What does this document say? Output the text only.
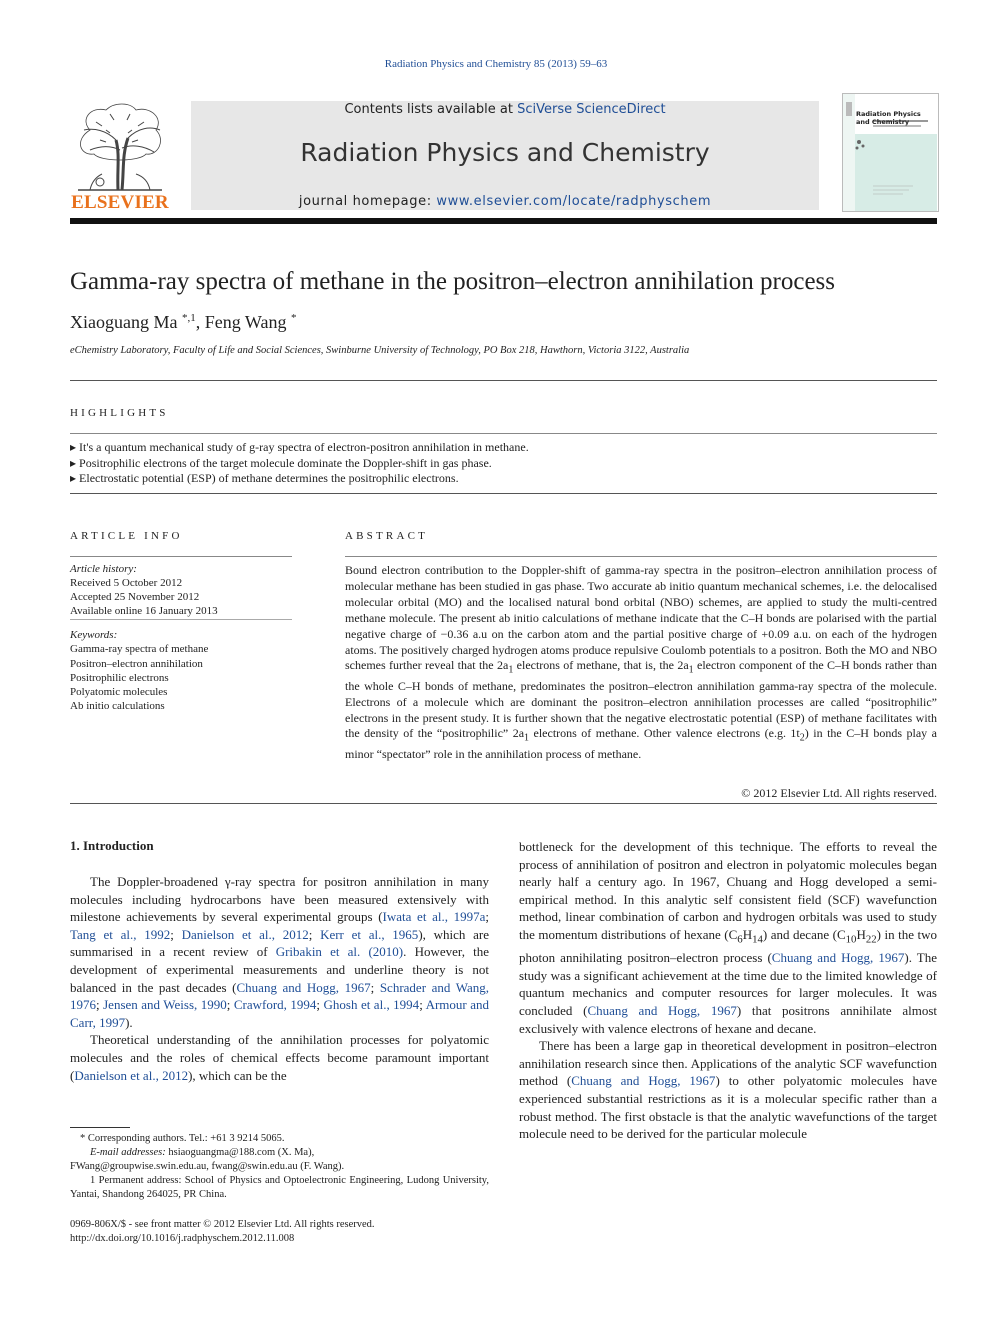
Radiation Physics and Chemistry 85 (2013) 59–63
ELSEVIER
Contents lists available at SciVerse ScienceDirect
Radiation Physics and Chemistry
journal homepage: www.elsevier.com/locate/radphyschem
Radiation Physics and Chemistry
Gamma-ray spectra of methane in the positron–electron annihilation process
Xiaoguang Ma $^{*,1}$, Feng Wang *
eChemistry Laboratory, Faculty of Life and Social Sciences, Swinburne University of Technology, PO Box 218, Hawthorn, Victoria 3122, Australia
HIGHLIGHTS
▸ It's a quantum mechanical study of g-ray spectra of electron-positron annihilation in methane.
▸ Positrophilic electrons of the target molecule dominate the Doppler-shift in gas phase.
▸ Electrostatic potential (ESP) of methane determines the positrophilic electrons.
ARTICLE INFO	ABSTRACT
Article history:
Received 5 October 2012
Accepted 25 November 2012
Available online 16 January 2013
Keywords:
Gamma-ray spectra of methane
Positron–electron annihilation
Positrophilic electrons
Polyatomic molecules
Ab initio calculations
Bound electron contribution to the Doppler-shift of gamma-ray spectra in the positron–electron annihilation process of molecular methane has been studied in gas phase. Two accurate ab initio quantum mechanical schemes, i.e. the delocalised molecular orbital (MO) and the localised natural bond orbital (NBO) schemes, are applied to study the multi-centred methane molecule. The present ab initio calculations of methane indicate that the C–H bonds are polarised with the partial negative charge of −0.36 a.u on the carbon atom and the partial positive charge of +0.09 a.u. on each of the hydrogen atoms. The positively charged hydrogen atoms produce repulsive Coulomb potentials to a positron. Both the MO and NBO schemes further reveal that the $2a_1$ electrons of methane, that is, the $2a_1$ electron component of the C–H bonds rather than the whole C–H bonds of methane, predominates the positron–electron annihilation gamma-ray spectra of the molecule. Electrons of a molecule which are dominant the positron–electron annihilation processes are called “positrophilic” electrons in the present study. It is further shown that the negative electrostatic potential (ESP) of methane facilitates with the density of the “positrophilic” $2a_1$ electrons of methane. Other valence electrons (e.g. $1t_2$) in the C–H bonds play a minor “spectator” role in the annihilation process of methane.
© 2012 Elsevier Ltd. All rights reserved.
1. Introduction

The Doppler-broadened γ-ray spectra for positron annihilation in many molecules including hydrocarbons have been measured extensively with milestone achievements by several experimental groups (Iwata et al., 1997a; Tang et al., 1992; Danielson et al., 2012; Kerr et al., 1965), which are summarised in a recent review of Gribakin et al. (2010). However, the development of experimental measurements and underline theory is not balanced in the past decades (Chuang and Hogg, 1967; Schrader and Wang, 1976; Jensen and Weiss, 1990; Crawford, 1994; Ghosh et al., 1994; Armour and Carr, 1997).

Theoretical understanding of the annihilation processes for polyatomic molecules and the roles of chemical effects become paramount important (Danielson et al., 2012), which can be the

bottleneck for the development of this technique. The efforts to reveal the process of annihilation of positron and electron in polyatomic molecules began nearly half a century ago. In 1967, Chuang and Hogg developed a semi-empirical method. In this analytic self consistent field (SCF) wavefunction method, linear combination of carbon and hydrogen orbitals was used to study the momentum distributions of hexane $(C_6H_{14})$ and decane $(C_{10}H_{22})$ in the two photon annihilating positron–electron process (Chuang and Hogg, 1967). The study was a significant achievement at the time due to the limited knowledge of quantum mechanics and computer resources for larger molecules. It was concluded (Chuang and Hogg, 1967) that positrons annihilate almost exclusively with valence electrons of hexane and decane.

There has been a large gap in theoretical development in positron–electron annihilation research since then. Applications of the analytic SCF wavefunction method (Chuang and Hogg, 1967) to other polyatomic molecules have experienced substantial restrictions as it is a molecular specific rather than a robust method. The first obstacle is that the analytic wavefunctions of the target molecule need to be derived for the particular molecule

* Corresponding authors. Tel.: +61 3 9214 5065.
E-mail addresses: hsiaoguangma@188.com (X. Ma),
FWang@groupwise.swin.edu.au, fwang@swin.edu.au (F. Wang).
1 Permanent address: School of Physics and Optoelectronic Engineering, Ludong University, Yantai, Shandong 264025, PR China.
0969-806X/$ - see front matter © 2012 Elsevier Ltd. All rights reserved.
http://dx.doi.org/10.1016/j.radphyschem.2012.11.008
